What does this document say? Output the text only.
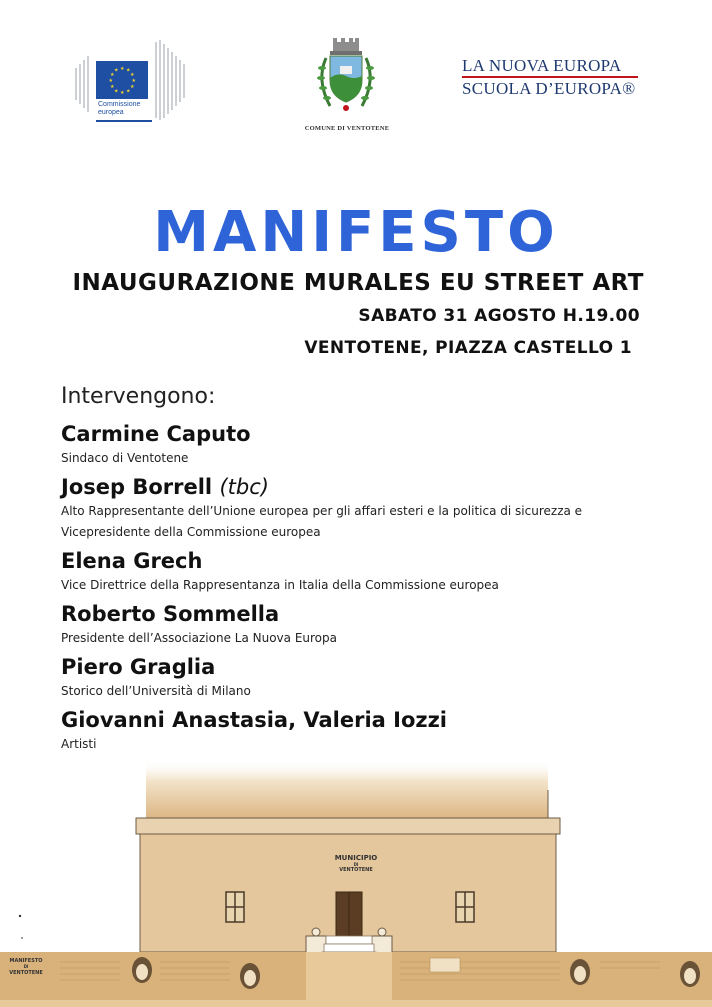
★ ★
★
★
★
★
★
★
★
★
★
★
Commissione
europea
COMUNE DI VENTOTENE
LA NUOVA EUROPA
SCUOLA D’EUROPA®
MANIFESTO
INAUGURAZIONE MURALES EU STREET ART
SABATO 31 AGOSTO H.19.00
VENTOTENE, PIAZZA CASTELLO 1
Intervengono:
Carmine Caputo
Sindaco di Ventotene
Josep Borrell (tbc)
Alto Rappresentante dell’Unione europea per gli affari esteri e la politica di sicurezza e Vicepresidente della Commissione europea
Elena Grech
Vice Direttrice della Rappresentanza in Italia della Commissione europea
Roberto Sommella
Presidente dell’Associazione La Nuova Europa
Piero Graglia
Storico dell’Università di Milano
Giovanni Anastasia, Valeria Iozzi
Artisti
MUNICIPIO
DI
VENTOTENE
MANIFESTO
DI
VENTOTENE
